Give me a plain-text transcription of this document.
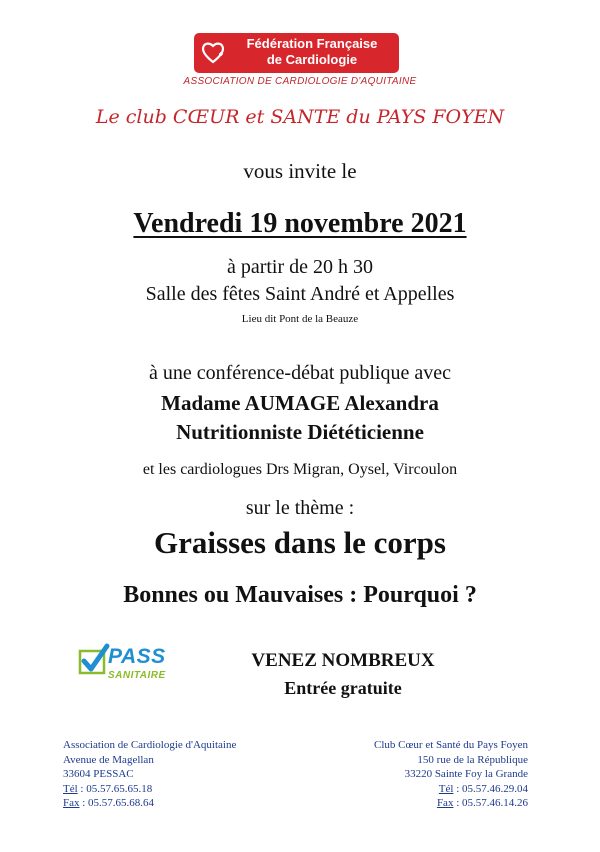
Fédération Française
de Cardiologie
ASSOCIATION DE CARDIOLOGIE D'AQUITAINE
Le club CŒUR et SANTE du PAYS FOYEN
vous invite le
Vendredi 19 novembre 2021
à partir de 20 h 30
Salle des fêtes Saint André et Appelles
Lieu dit Pont de la Beauze
à une conférence-débat publique avec
Madame AUMAGE Alexandra
Nutritionniste Diététicienne
et les cardiologues Drs Migran, Oysel, Vircoulon
sur le thème :
Graisses dans le corps
Bonnes ou Mauvaises : Pourquoi ?
PASS
SANITAIRE
VENEZ NOMBREUX
Entrée gratuite
Association de Cardiologie d'Aquitaine
Avenue de Magellan
33604 PESSAC
Tél : 05.57.65.65.18
Fax : 05.57.65.68.64
Club Cœur et Santé du Pays Foyen
150 rue de la République
33220 Sainte Foy la Grande
Tél : 05.57.46.29.04
Fax : 05.57.46.14.26
